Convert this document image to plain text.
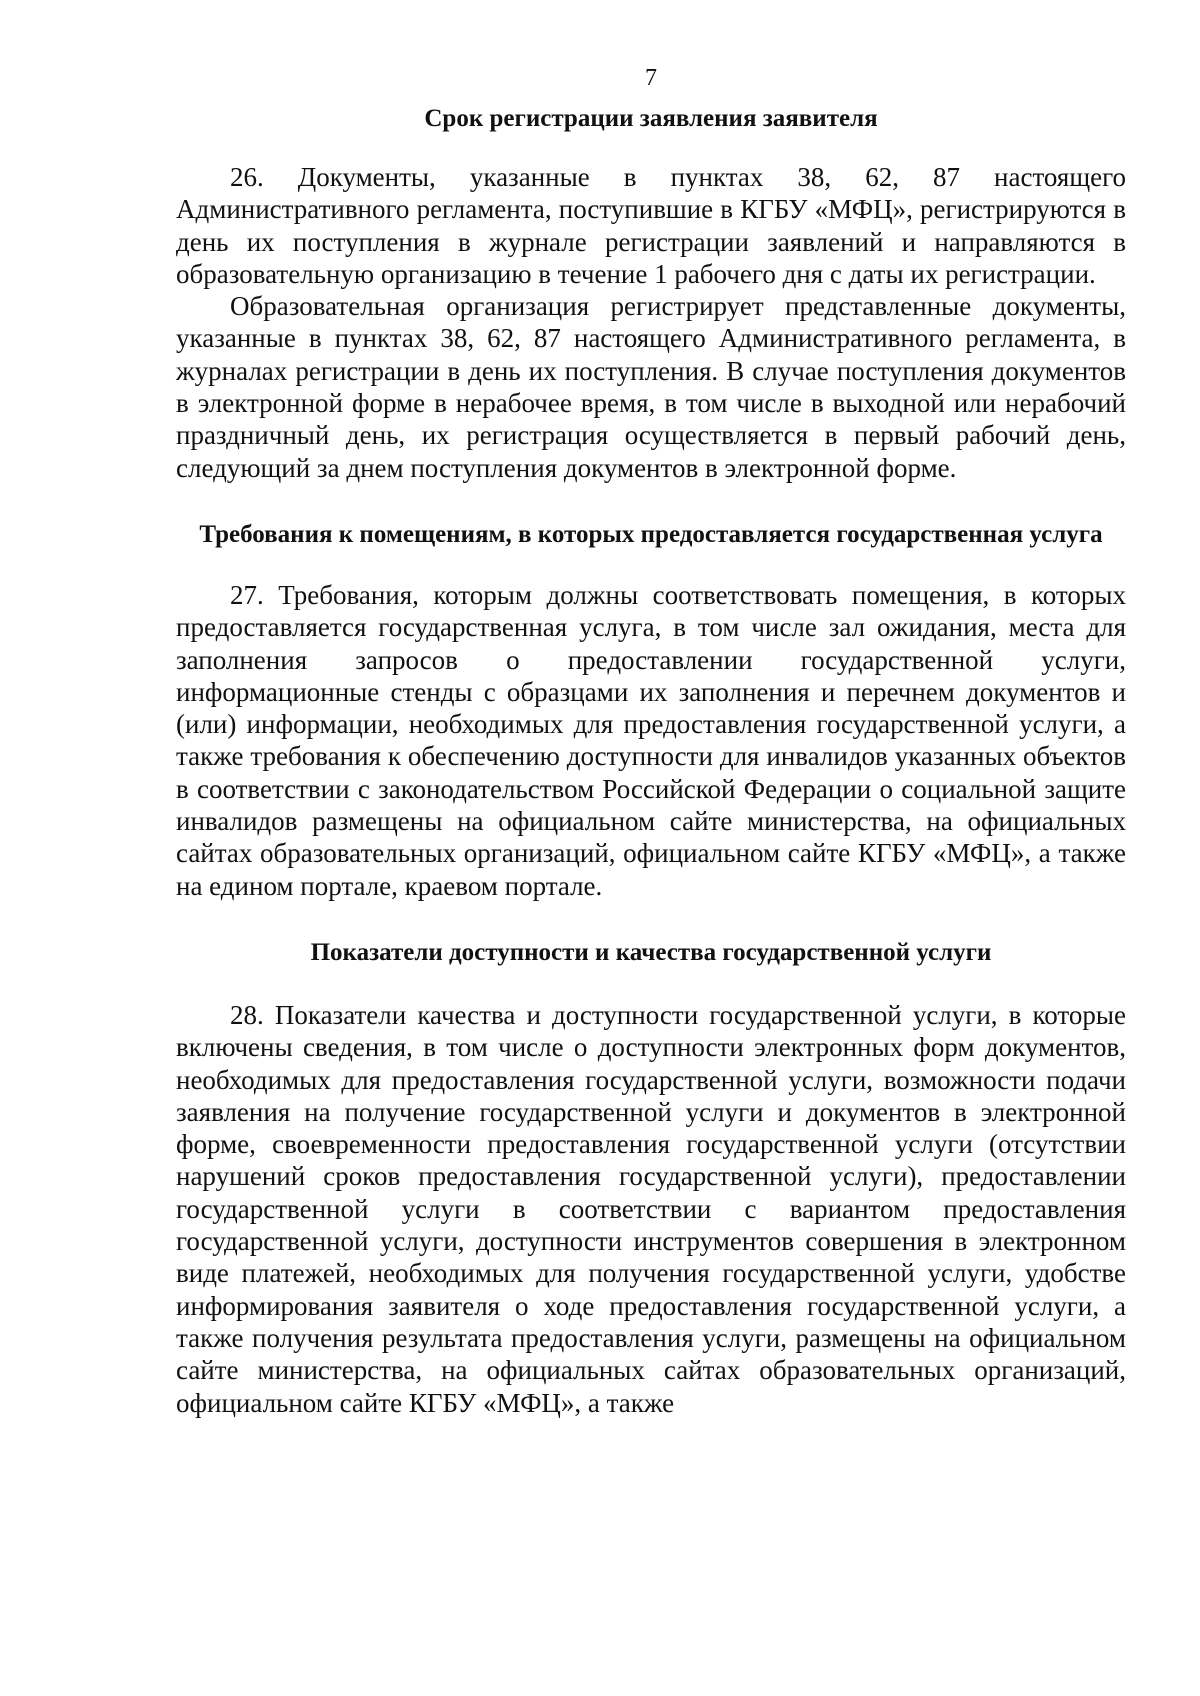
7
Срок регистрации заявления заявителя

26. Документы, указанные в пунктах 38, 62, 87 настоящего Административного регламента, поступившие в КГБУ «МФЦ», регистрируются в день их поступления в журнале регистрации заявлений и направляются в образовательную организацию в течение 1 рабочего дня с даты их регистрации.

Образовательная организация регистрирует представленные документы, указанные в пунктах 38, 62, 87 настоящего Административного регламента, в журналах регистрации в день их поступления. В случае поступления документов в электронной форме в нерабочее время, в том числе в выходной или нерабочий праздничный день, их регистрация осуществляется в первый рабочий день, следующий за днем поступления документов в электронной форме.

Требования к помещениям, в которых предоставляется государственная услуга

27. Требования, которым должны соответствовать помещения, в которых предоставляется государственная услуга, в том числе зал ожидания, места для заполнения запросов о предоставлении государственной услуги, информационные стенды с образцами их заполнения и перечнем документов и (или) информации, необходимых для предоставления государственной услуги, а также требования к обеспечению доступности для инвалидов указанных объектов в соответствии с законодательством Российской Федерации о социальной защите инвалидов размещены на официальном сайте министерства, на официальных сайтах образовательных организаций, официальном сайте КГБУ «МФЦ», а также на едином портале, краевом портале.

Показатели доступности и качества государственной услуги

28. Показатели качества и доступности государственной услуги, в которые включены сведения, в том числе о доступности электронных форм документов, необходимых для предоставления государственной услуги, возможности подачи заявления на получение государственной услуги и документов в электронной форме, своевременности предоставления государственной услуги (отсутствии нарушений сроков предоставления государственной услуги), предоставлении государственной услуги в соответствии с вариантом предоставления государственной услуги, доступности инструментов совершения в электронном виде платежей, необходимых для получения государственной услуги, удобстве информирования заявителя о ходе предоставления государственной услуги, а также получения результата предоставления услуги, размещены на официальном сайте министерства, на официальных сайтах образовательных организаций, официальном сайте КГБУ «МФЦ», а также
